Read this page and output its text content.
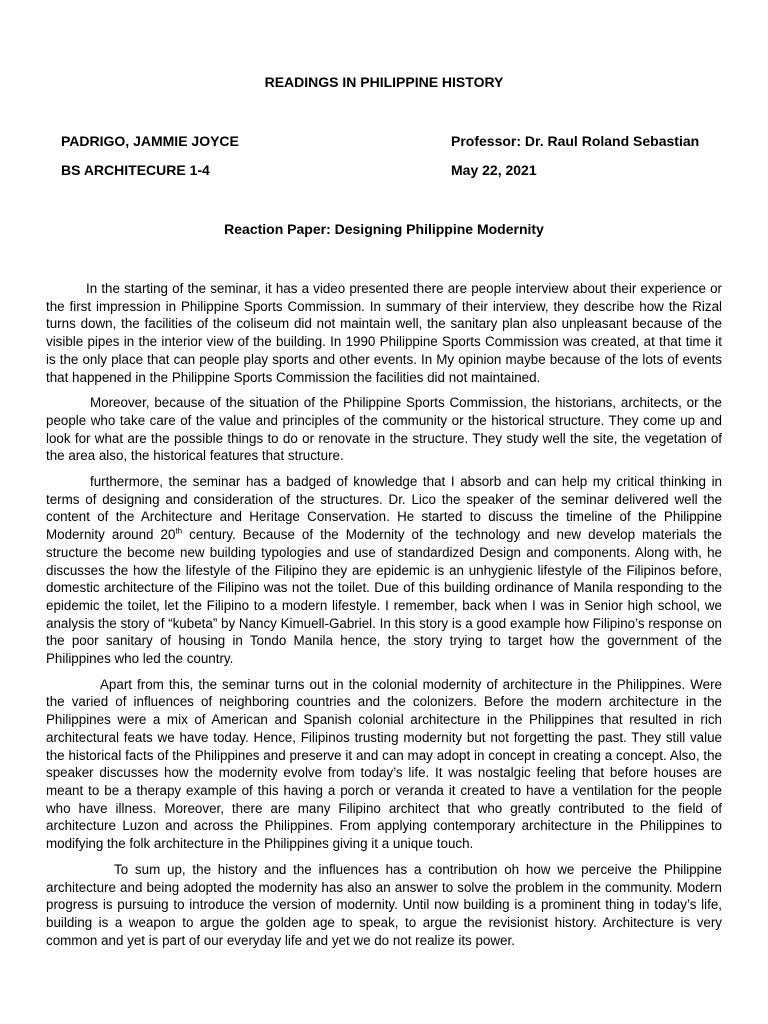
READINGS IN PHILIPPINE HISTORY
PADRIGO, JAMMIE JOYCE	Professor: Dr. Raul Roland Sebastian
BS ARCHITECURE 1-4	May 22, 2021
Reaction Paper: Designing Philippine Modernity

In the starting of the seminar, it has a video presented there are people interview about their experience or the first impression in Philippine Sports Commission. In summary of their interview, they describe how the Rizal turns down, the facilities of the coliseum did not maintain well, the sanitary plan also unpleasant because of the visible pipes in the interior view of the building. In 1990 Philippine Sports Commission was created, at that time it is the only place that can people play sports and other events. In My opinion maybe because of the lots of events that happened in the Philippine Sports Commission the facilities did not maintained.

Moreover, because of the situation of the Philippine Sports Commission, the historians, architects, or the people who take care of the value and principles of the community or the historical structure. They come up and look for what are the possible things to do or renovate in the structure. They study well the site, the vegetation of the area also, the historical features that structure.

furthermore, the seminar has a badged of knowledge that I absorb and can help my critical thinking in terms of designing and consideration of the structures. Dr. Lico the speaker of the seminar delivered well the content of the Architecture and Heritage Conservation. He started to discuss the timeline of the Philippine Modernity around 20th century. Because of the Modernity of the technology and new develop materials the structure the become new building typologies and use of standardized Design and components. Along with, he discusses the how the lifestyle of the Filipino they are epidemic is an unhygienic lifestyle of the Filipinos before, domestic architecture of the Filipino was not the toilet. Due of this building ordinance of Manila responding to the epidemic the toilet, let the Filipino to a modern lifestyle. I remember, back when I was in Senior high school, we analysis the story of “kubeta” by Nancy Kimuell-Gabriel. In this story is a good example how Filipino’s response on the poor sanitary of housing in Tondo Manila hence, the story trying to target how the government of the Philippines who led the country.

Apart from this, the seminar turns out in the colonial modernity of architecture in the Philippines. Were the varied of influences of neighboring countries and the colonizers. Before the modern architecture in the Philippines were a mix of American and Spanish colonial architecture in the Philippines that resulted in rich architectural feats we have today. Hence, Filipinos trusting modernity but not forgetting the past. They still value the historical facts of the Philippines and preserve it and can may adopt in concept in creating a concept. Also, the speaker discusses how the modernity evolve from today’s life. It was nostalgic feeling that before houses are meant to be a therapy example of this having a porch or veranda it created to have a ventilation for the people who have illness. Moreover, there are many Filipino architect that who greatly contributed to the field of architecture Luzon and across the Philippines. From applying contemporary architecture in the Philippines to modifying the folk architecture in the Philippines giving it a unique touch.

To sum up, the history and the influences has a contribution oh how we perceive the Philippine architecture and being adopted the modernity has also an answer to solve the problem in the community. Modern progress is pursuing to introduce the version of modernity. Until now building is a prominent thing in today’s life, building is a weapon to argue the golden age to speak, to argue the revisionist history. Architecture is very common and yet is part of our everyday life and yet we do not realize its power.
